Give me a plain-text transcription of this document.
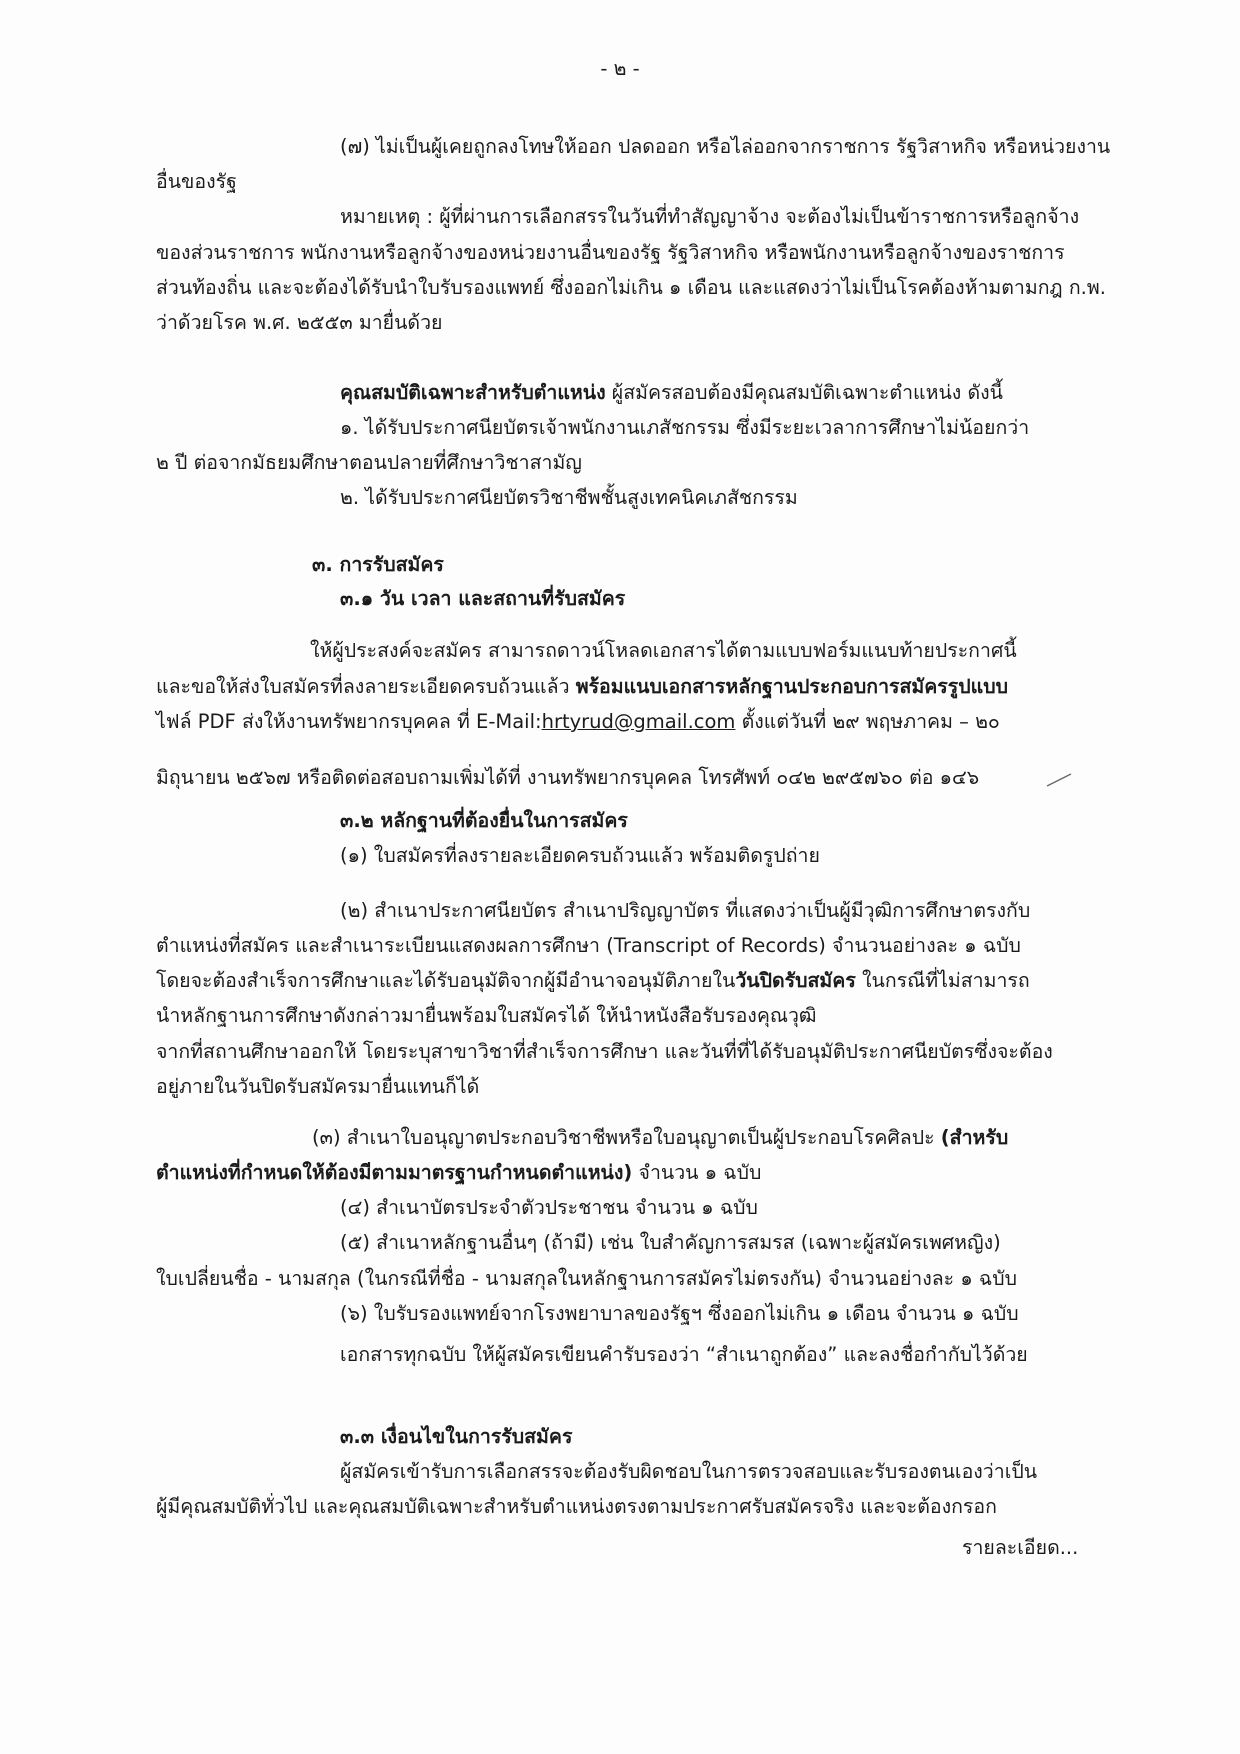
- ๒ -
(๗) ไม่เป็นผู้เคยถูกลงโทษให้ออก ปลดออก หรือไล่ออกจากราชการ รัฐวิสาหกิจ หรือหน่วยงาน
อื่นของรัฐ
หมายเหตุ : ผู้ที่ผ่านการเลือกสรรในวันที่ทำสัญญาจ้าง จะต้องไม่เป็นข้าราชการหรือลูกจ้าง
ของส่วนราชการ พนักงานหรือลูกจ้างของหน่วยงานอื่นของรัฐ รัฐวิสาหกิจ หรือพนักงานหรือลูกจ้างของราชการ
ส่วนท้องถิ่น และจะต้องได้รับนำใบรับรองแพทย์ ซึ่งออกไม่เกิน ๑ เดือน และแสดงว่าไม่เป็นโรคต้องห้ามตามกฎ ก.พ.
ว่าด้วยโรค พ.ศ. ๒๕๕๓ มายื่นด้วย
คุณสมบัติเฉพาะสำหรับตำแหน่ง ผู้สมัครสอบต้องมีคุณสมบัติเฉพาะตำแหน่ง ดังนี้
๑. ได้รับประกาศนียบัตรเจ้าพนักงานเภสัชกรรม ซึ่งมีระยะเวลาการศึกษาไม่น้อยกว่า
๒ ปี ต่อจากมัธยมศึกษาตอนปลายที่ศึกษาวิชาสามัญ
๒. ได้รับประกาศนียบัตรวิชาชีพชั้นสูงเทคนิคเภสัชกรรม
๓. การรับสมัคร
๓.๑ วัน เวลา และสถานที่รับสมัคร
ให้ผู้ประสงค์จะสมัคร สามารถดาวน์โหลดเอกสารได้ตามแบบฟอร์มแนบท้ายประกาศนี้
และขอให้ส่งใบสมัครที่ลงลายระเอียดครบถ้วนแล้ว พร้อมแนบเอกสารหลักฐานประกอบการสมัครรูปแบบ
ไฟล์ PDF ส่งให้งานทรัพยากรบุคคล ที่ E-Mail:hrtyrud@gmail.com ตั้งแต่วันที่ ๒๙ พฤษภาคม – ๒๐
มิถุนายน ๒๕๖๗ หรือติดต่อสอบถามเพิ่มได้ที่ งานทรัพยากรบุคคล โทรศัพท์ ๐๔๒ ๒๙๕๗๖๐ ต่อ ๑๔๖
๓.๒ หลักฐานที่ต้องยื่นในการสมัคร
(๑) ใบสมัครที่ลงรายละเอียดครบถ้วนแล้ว พร้อมติดรูปถ่าย
(๒) สำเนาประกาศนียบัตร สำเนาปริญญาบัตร ที่แสดงว่าเป็นผู้มีวุฒิการศึกษาตรงกับ
ตำแหน่งที่สมัคร และสำเนาระเบียนแสดงผลการศึกษา (Transcript of Records) จำนวนอย่างละ ๑ ฉบับ
โดยจะต้องสำเร็จการศึกษาและได้รับอนุมัติจากผู้มีอำนาจอนุมัติภายในวันปิดรับสมัคร ในกรณีที่ไม่สามารถ
นำหลักฐานการศึกษาดังกล่าวมายื่นพร้อมใบสมัครได้ ให้นำหนังสือรับรองคุณวุฒิ
จากที่สถานศึกษาออกให้ โดยระบุสาขาวิชาที่สำเร็จการศึกษา และวันที่ที่ได้รับอนุมัติประกาศนียบัตรซึ่งจะต้อง
อยู่ภายในวันปิดรับสมัครมายื่นแทนก็ได้
(๓) สำเนาใบอนุญาตประกอบวิชาชีพหรือใบอนุญาตเป็นผู้ประกอบโรคศิลปะ (สำหรับ
ตำแหน่งที่กำหนดให้ต้องมีตามมาตรฐานกำหนดตำแหน่ง) จำนวน ๑ ฉบับ
(๔) สำเนาบัตรประจำตัวประชาชน จำนวน ๑ ฉบับ
(๕) สำเนาหลักฐานอื่นๆ (ถ้ามี) เช่น ใบสำคัญการสมรส (เฉพาะผู้สมัครเพศหญิง)
ใบเปลี่ยนชื่อ - นามสกุล (ในกรณีที่ชื่อ - นามสกุลในหลักฐานการสมัครไม่ตรงกัน) จำนวนอย่างละ ๑ ฉบับ
(๖) ใบรับรองแพทย์จากโรงพยาบาลของรัฐฯ ซึ่งออกไม่เกิน ๑ เดือน จำนวน ๑ ฉบับ
เอกสารทุกฉบับ ให้ผู้สมัครเขียนคำรับรองว่า “สำเนาถูกต้อง” และลงชื่อกำกับไว้ด้วย
๓.๓ เงื่อนไขในการรับสมัคร
ผู้สมัครเข้ารับการเลือกสรรจะต้องรับผิดชอบในการตรวจสอบและรับรองตนเองว่าเป็น
ผู้มีคุณสมบัติทั่วไป และคุณสมบัติเฉพาะสำหรับตำแหน่งตรงตามประกาศรับสมัครจริง และจะต้องกรอก
รายละเอียด...
